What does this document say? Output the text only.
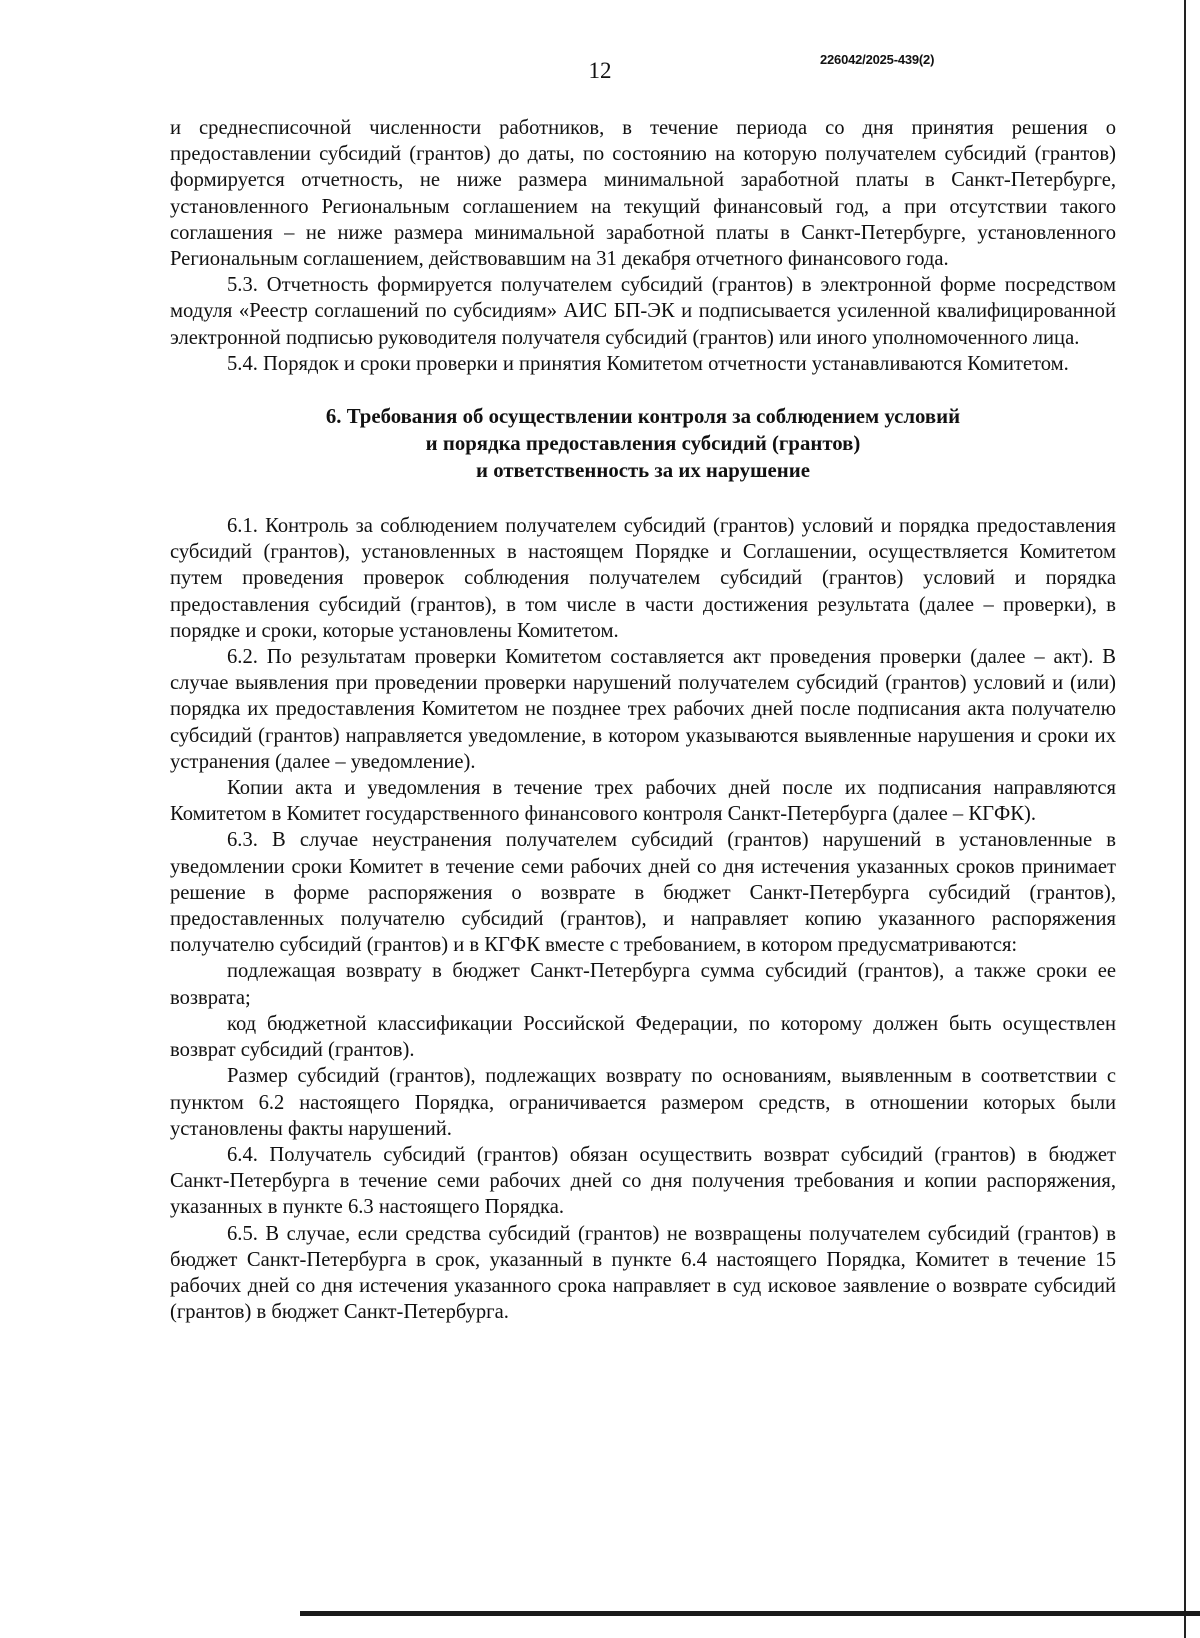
12	226042/2025-439(2)

и среднесписочной численности работников, в течение периода со дня принятия решения о предоставлении субсидий (грантов) до даты, по состоянию на которую получателем субсидий (грантов) формируется отчетность, не ниже размера минимальной заработной платы в Санкт-Петербурге, установленного Региональным соглашением на текущий финансовый год, а при отсутствии такого соглашения – не ниже размера минимальной заработной платы в Санкт-Петербурге, установленного Региональным соглашением, действовавшим на 31 декабря отчетного финансового года.

5.3. Отчетность формируется получателем субсидий (грантов) в электронной форме посредством модуля «Реестр соглашений по субсидиям» АИС БП-ЭК и подписывается усиленной квалифицированной электронной подписью руководителя получателя субсидий (грантов) или иного уполномоченного лица.

5.4. Порядок и сроки проверки и принятия Комитетом отчетности устанавливаются Комитетом.

6. Требования об осуществлении контроля за соблюдением условий
и порядка предоставления субсидий (грантов)
и ответственность за их нарушение

6.1. Контроль за соблюдением получателем субсидий (грантов) условий и порядка предоставления субсидий (грантов), установленных в настоящем Порядке и Соглашении, осуществляется Комитетом путем проведения проверок соблюдения получателем субсидий (грантов) условий и порядка предоставления субсидий (грантов), в том числе в части достижения результата (далее – проверки), в порядке и сроки, которые установлены Комитетом.

6.2. По результатам проверки Комитетом составляется акт проведения проверки (далее – акт). В случае выявления при проведении проверки нарушений получателем субсидий (грантов) условий и (или) порядка их предоставления Комитетом не позднее трех рабочих дней после подписания акта получателю субсидий (грантов) направляется уведомление, в котором указываются выявленные нарушения и сроки их устранения (далее – уведомление).

Копии акта и уведомления в течение трех рабочих дней после их подписания направляются Комитетом в Комитет государственного финансового контроля Санкт-Петербурга (далее – КГФК).

6.3. В случае неустранения получателем субсидий (грантов) нарушений в установленные в уведомлении сроки Комитет в течение семи рабочих дней со дня истечения указанных сроков принимает решение в форме распоряжения о возврате в бюджет Санкт-Петербурга субсидий (грантов), предоставленных получателю субсидий (грантов), и направляет копию указанного распоряжения получателю субсидий (грантов) и в КГФК вместе с требованием, в котором предусматриваются:

подлежащая возврату в бюджет Санкт-Петербурга сумма субсидий (грантов), а также сроки ее возврата;

код бюджетной классификации Российской Федерации, по которому должен быть осуществлен возврат субсидий (грантов).

Размер субсидий (грантов), подлежащих возврату по основаниям, выявленным в соответствии с пунктом 6.2 настоящего Порядка, ограничивается размером средств, в отношении которых были установлены факты нарушений.

6.4. Получатель субсидий (грантов) обязан осуществить возврат субсидий (грантов) в бюджет Санкт-Петербурга в течение семи рабочих дней со дня получения требования и копии распоряжения, указанных в пункте 6.3 настоящего Порядка.

6.5. В случае, если средства субсидий (грантов) не возвращены получателем субсидий (грантов) в бюджет Санкт-Петербурга в срок, указанный в пункте 6.4 настоящего Порядка, Комитет в течение 15 рабочих дней со дня истечения указанного срока направляет в суд исковое заявление о возврате субсидий (грантов) в бюджет Санкт-Петербурга.
